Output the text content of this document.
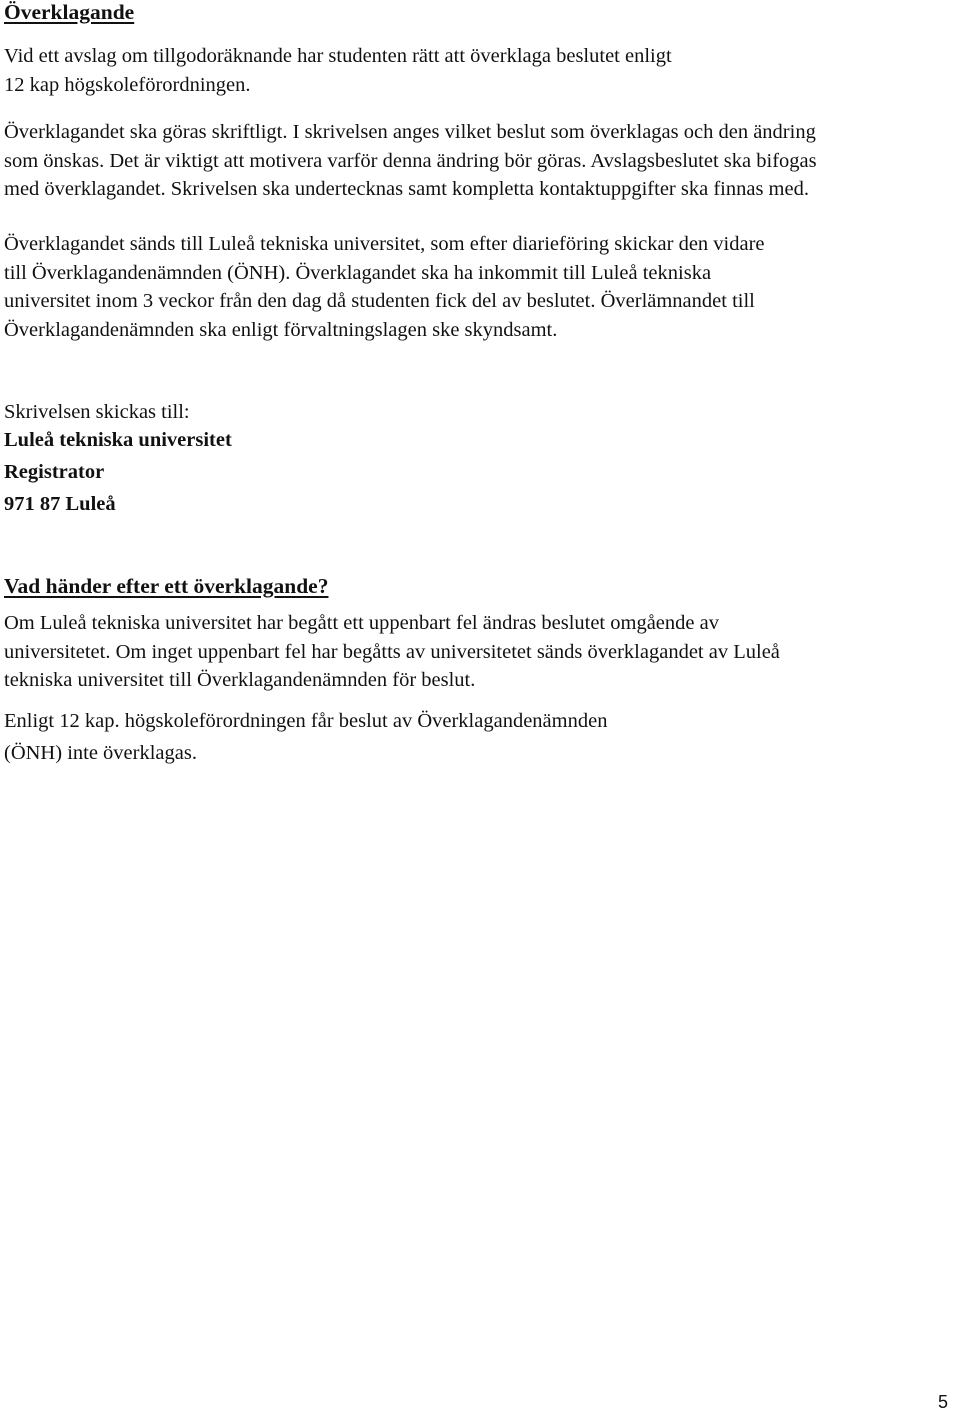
Överklagande

Vid ett avslag om tillgodoräknande har studenten rätt att överklaga beslutet enligt
12 kap högskoleförordningen.

Överklagandet ska göras skriftligt. I skrivelsen anges vilket beslut som överklagas och den ändring
som önskas. Det är viktigt att motivera varför denna ändring bör göras. Avslagsbeslutet ska bifogas
med överklagandet. Skrivelsen ska undertecknas samt kompletta kontaktuppgifter ska finnas med.

Överklagandet sänds till Luleå tekniska universitet, som efter diarieföring skickar den vidare
till Överklagandenämnden (ÖNH). Överklagandet ska ha inkommit till Luleå tekniska
universitet inom 3 veckor från den dag då studenten fick del av beslutet. Överlämnandet till
Överklagandenämnden ska enligt förvaltningslagen ske skyndsamt.

Skrivelsen skickas till:

Luleå tekniska universitet
Registrator
971 87 Luleå
Vad händer efter ett överklagande?

Om Luleå tekniska universitet har begått ett uppenbart fel ändras beslutet omgående av
universitetet. Om inget uppenbart fel har begåtts av universitetet sänds överklagandet av Luleå
tekniska universitet till Överklagandenämnden för beslut.

Enligt 12 kap. högskoleförordningen får beslut av Överklagandenämnden
(ÖNH) inte överklagas.

5
